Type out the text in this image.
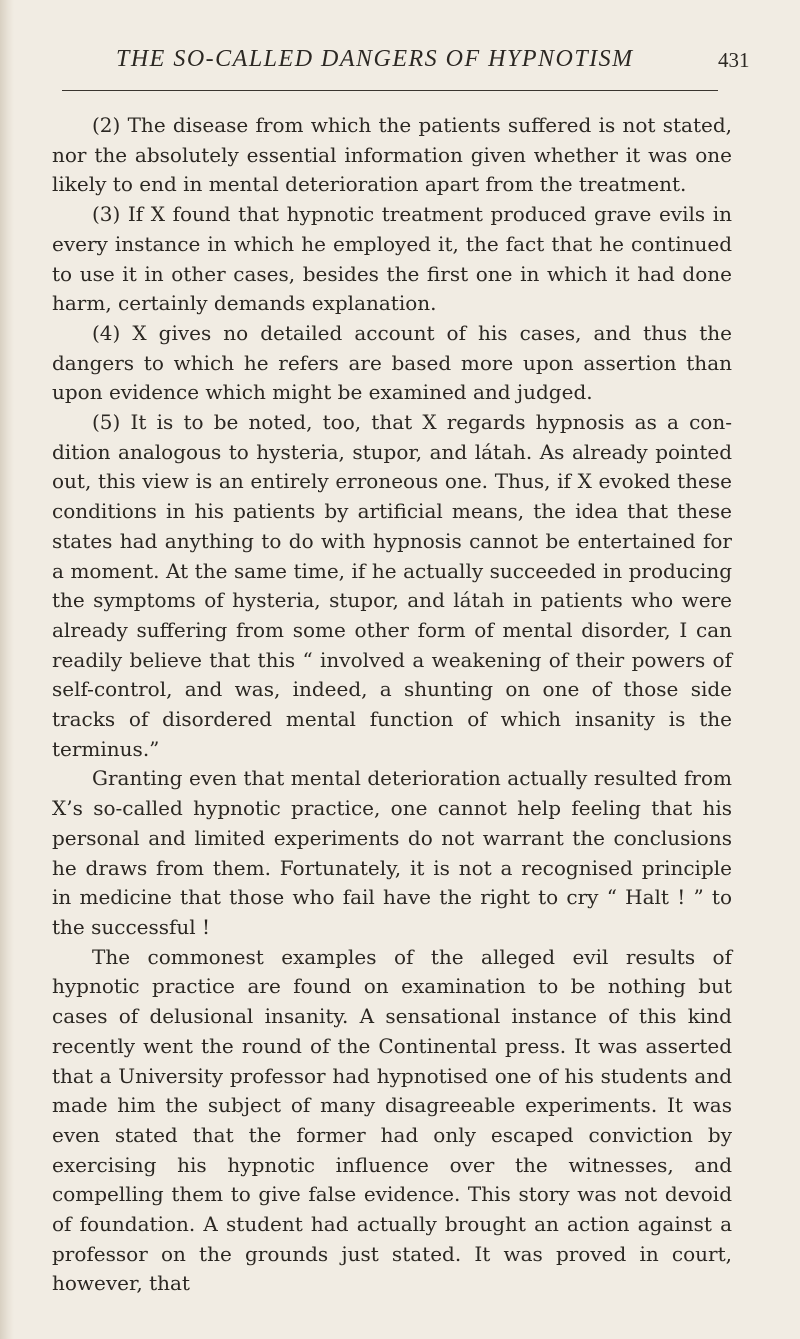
THE SO-CALLED DANGERS OF HYPNOTISM	431

(2) The disease from which the patients suffered is not stated, nor the absolutely essential information given whether it was one likely to end in mental deterioration apart from the treatment.

(3) If X found that hypnotic treatment produced grave evils in every instance in which he employed it, the fact that he continued to use it in other cases, besides the first one in which it had done harm, certainly demands explanation.

(4) X gives no detailed account of his cases, and thus the dangers to which he refers are based more upon assertion than upon evidence which might be examined and judged.

(5) It is to be noted, too, that X regards hypnosis as a condition analogous to hysteria, stupor, and látah. As already pointed out, this view is an entirely erroneous one. Thus, if X evoked these conditions in his patients by artificial means, the idea that these states had anything to do with hypnosis cannot be entertained for a moment. At the same time, if he actually succeeded in producing the symptoms of hysteria, stupor, and látah in patients who were already suffering from some other form of mental disorder, I can readily believe that this “ involved a weakening of their powers of self-control, and was, indeed, a shunting on one of those side tracks of disordered mental function of which insanity is the terminus.”

Granting even that mental deterioration actually resulted from X’s so-called hypnotic practice, one cannot help feeling that his personal and limited experiments do not warrant the conclusions he draws from them. Fortunately, it is not a recognised principle in medicine that those who fail have the right to cry “ Halt ! ” to the successful !

The commonest examples of the alleged evil results of hypnotic practice are found on examination to be nothing but cases of delusional insanity. A sensational instance of this kind recently went the round of the Continental press. It was asserted that a University professor had hypnotised one of his students and made him the subject of many disagreeable experiments. It was even stated that the former had only escaped conviction by exercising his hypnotic influence over the witnesses, and compelling them to give false evidence. This story was not devoid of foundation. A student had actually brought an action against a professor on the grounds just stated. It was proved in court, however, that
